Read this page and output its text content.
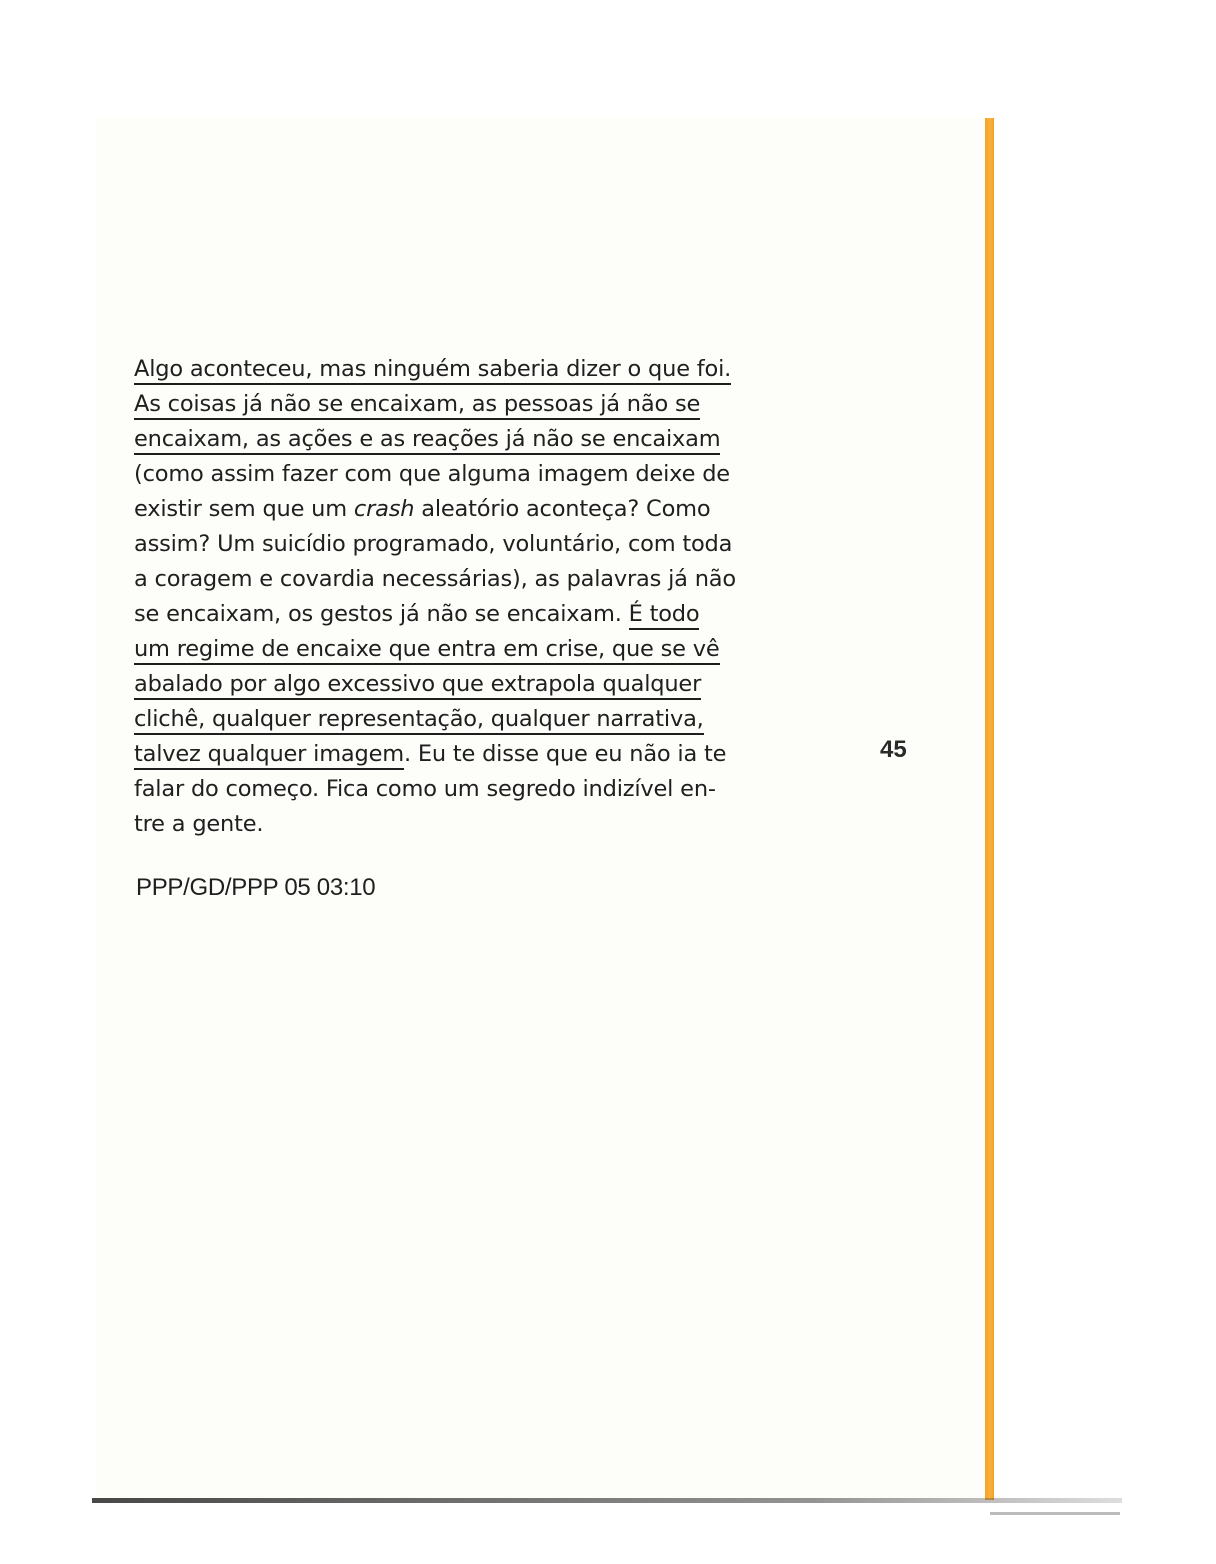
Algo aconteceu, mas ninguém saberia dizer o que foi.
As coisas já não se encaixam, as pessoas já não se
encaixam, as ações e as reações já não se encaixam
(como assim fazer com que alguma imagem deixe de
existir sem que um crash aleatório aconteça? Como
assim? Um suicídio programado, voluntário, com toda
a coragem e covardia necessárias), as palavras já não
se encaixam, os gestos já não se encaixam. É todo
um regime de encaixe que entra em crise, que se vê
abalado por algo excessivo que extrapola qualquer
clichê, qualquer representação, qualquer narrativa,
talvez qualquer imagem. Eu te disse que eu não ia te
falar do começo. Fica como um segredo indizível en-
tre a gente.
PPP/GD/PPP 05 03:10
45
